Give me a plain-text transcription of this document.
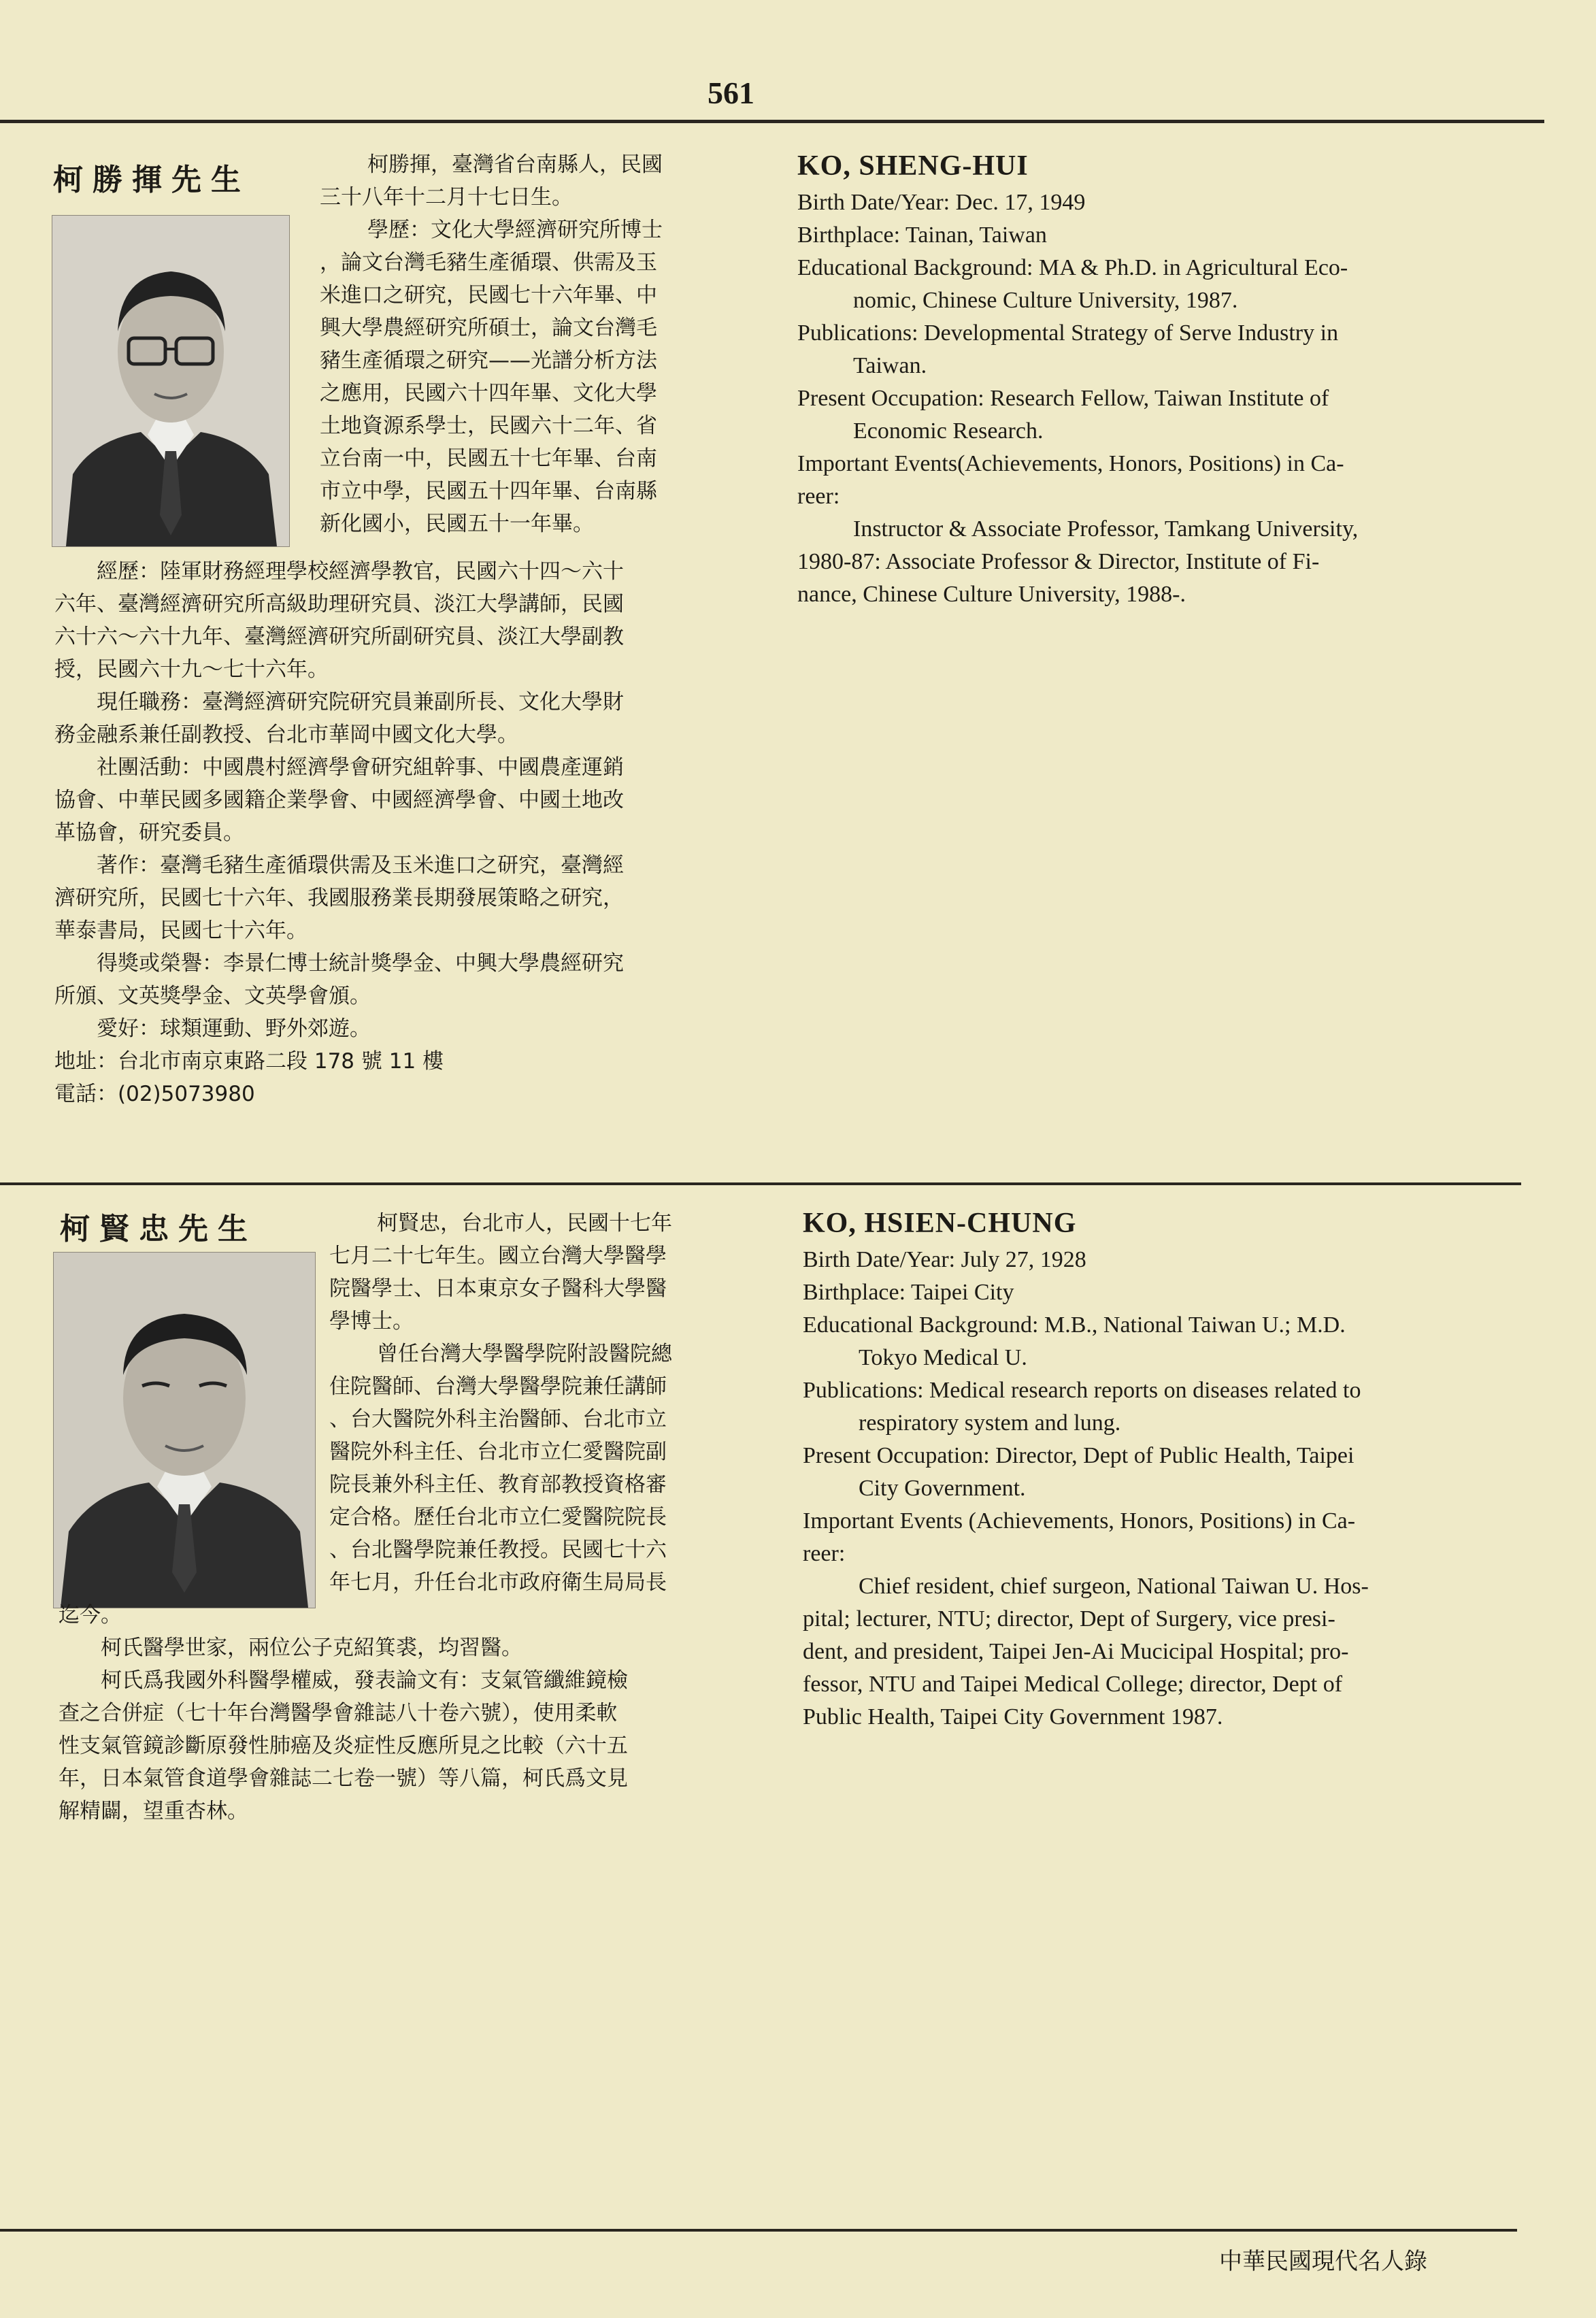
561
柯勝揮先生	柯勝揮，臺灣省台南縣人，民國

三十八年十二月十七日生。

學歷：文化大學經濟研究所博士

，論文台灣毛豬生產循環、供需及玉

米進口之研究，民國七十六年畢、中

興大學農經研究所碩士，論文台灣毛

豬生產循環之研究——光譜分析方法

之應用，民國六十四年畢、文化大學

土地資源系學士，民國六十二年、省

立台南一中，民國五十七年畢、台南

市立中學，民國五十四年畢、台南縣

新化國小，民國五十一年畢。

經歷：陸軍財務經理學校經濟學教官，民國六十四～六十

六年、臺灣經濟研究所高級助理研究員、淡江大學講師，民國

六十六～六十九年、臺灣經濟研究所副研究員、淡江大學副教

授，民國六十九～七十六年。

現任職務：臺灣經濟研究院研究員兼副所長、文化大學財

務金融系兼任副教授、台北市華岡中國文化大學。

社團活動：中國農村經濟學會研究組幹事、中國農產運銷

協會、中華民國多國籍企業學會、中國經濟學會、中國土地改

革協會，研究委員。

著作：臺灣毛豬生產循環供需及玉米進口之研究，臺灣經

濟研究所，民國七十六年、我國服務業長期發展策略之研究，

華泰書局，民國七十六年。

得獎或榮譽：李景仁博士統計獎學金、中興大學農經研究

所頒、文英獎學金、文英學會頒。

愛好：球類運動、野外郊遊。

地址：台北市南京東路二段 178 號 11 樓

電話：(02)5073980

KO, SHENG-HUI

Birth Date/Year: Dec. 17, 1949

Birthplace: Tainan, Taiwan

Educational Background: MA & Ph.D. in Agricultural Eco-

nomic, Chinese Culture University, 1987.

Publications: Developmental Strategy of Serve Industry in

Taiwan.

Present Occupation: Research Fellow, Taiwan Institute of

Economic Research.

Important Events(Achievements, Honors, Positions) in Ca-

reer:

Instructor & Associate Professor, Tamkang University,

1980-87: Associate Professor & Director, Institute of Fi-

nance, Chinese Culture University, 1988-.

柯賢忠先生	柯賢忠，台北市人，民國十七年

七月二十七年生。國立台灣大學醫學

院醫學士、日本東京女子醫科大學醫

學博士。

曾任台灣大學醫學院附設醫院總

住院醫師、台灣大學醫學院兼任講師

、台大醫院外科主治醫師、台北市立

醫院外科主任、台北市立仁愛醫院副

院長兼外科主任、教育部教授資格審

定合格。歷任台北市立仁愛醫院院長

、台北醫學院兼任教授。民國七十六

年七月，升任台北市政府衛生局局長

迄今。

柯氏醫學世家，兩位公子克紹箕裘，均習醫。

柯氏爲我國外科醫學權威，發表論文有：支氣管纖維鏡檢

查之合併症（七十年台灣醫學會雜誌八十卷六號），使用柔軟

性支氣管鏡診斷原發性肺癌及炎症性反應所見之比較（六十五

年，日本氣管食道學會雜誌二七卷一號）等八篇，柯氏爲文見

解精闢，望重杏林。

KO, HSIEN-CHUNG

Birth Date/Year: July 27, 1928

Birthplace: Taipei City

Educational Background: M.B., National Taiwan U.; M.D.

Tokyo Medical U.

Publications: Medical research reports on diseases related to

respiratory system and lung.

Present Occupation: Director, Dept of Public Health, Taipei

City Government.

Important Events (Achievements, Honors, Positions) in Ca-

reer:

Chief resident, chief surgeon, National Taiwan U. Hos-

pital; lecturer, NTU; director, Dept of Surgery, vice presi-

dent, and president, Taipei Jen-Ai Mucicipal Hospital; pro-

fessor, NTU and Taipei Medical College; director, Dept of

Public Health, Taipei City Government 1987.

中華民國現代名人錄
